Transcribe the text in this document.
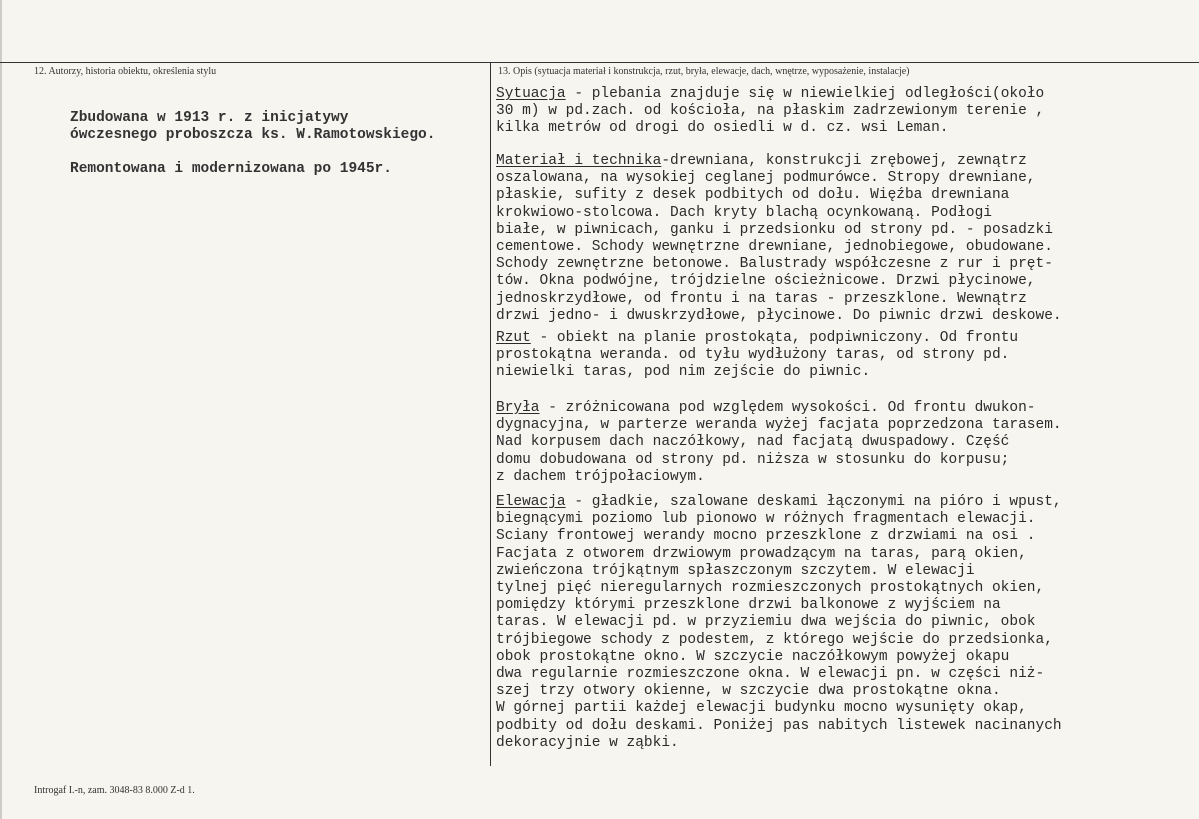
12. Autorzy, historia obiektu, określenia stylu	13. Opis (sytuacja materiał i konstrukcja, rzut, bryła, elewacje, dach, wnętrze, wyposażenie, instalacje)
Zbudowana w 1913 r. z inicjatywy
ówczesnego proboszcza ks. W.Ramotowskiego.
Remontowana i modernizowana po 1945r.
Sytuacja - plebania znajduje się w niewielkiej odległości(około
30 m) w pd.zach. od kościoła, na płaskim zadrzewionym terenie ,
kilka metrów od drogi do osiedli w d. cz. wsi Leman.
Materiał i technika-drewniana, konstrukcji zrębowej, zewnątrz
oszalowana, na wysokiej ceglanej podmurówce. Stropy drewniane,
płaskie, sufity z desek podbitych od dołu. Więźba drewniana
krokwiowo-stolcowa. Dach kryty blachą ocynkowaną. Podłogi
białe, w piwnicach, ganku i przedsionku od strony pd. - posadzki
cementowe. Schody wewnętrzne drewniane, jednobiegowe, obudowane.
Schody zewnętrzne betonowe. Balustrady współczesne z rur i pręt-
tów. Okna podwójne, trójdzielne ościeżnicowe. Drzwi płycinowe,
jednoskrzydłowe, od frontu i na taras - przeszklone. Wewnątrz
drzwi jedno- i dwuskrzydłowe, płycinowe. Do piwnic drzwi deskowe.
Rzut - obiekt na planie prostokąta, podpiwniczony. Od frontu
prostokątna weranda. od tyłu wydłużony taras, od strony pd.
niewielki taras, pod nim zejście do piwnic.
Bryła - zróżnicowana pod względem wysokości. Od frontu dwukon-
dygnacyjna, w parterze weranda wyżej facjata poprzedzona tarasem.
Nad korpusem dach naczółkowy, nad facjatą dwuspadowy. Część
domu dobudowana od strony pd. niższa w stosunku do korpusu;
z dachem trójpołaciowym.
Elewacja - gładkie, szalowane deskami łączonymi na pióro i wpust,
biegnącymi poziomo lub pionowo w różnych fragmentach elewacji.
Sciany frontowej werandy mocno przeszklone z drzwiami na osi .
Facjata z otworem drzwiowym prowadzącym na taras, parą okien,
zwieńczona trójkątnym spłaszczonym szczytem. W elewacji
tylnej pięć nieregularnych rozmieszczonych prostokątnych okien,
pomiędzy którymi przeszklone drzwi balkonowe z wyjściem na
taras. W elewacji pd. w przyziemiu dwa wejścia do piwnic, obok
trójbiegowe schody z podestem, z którego wejście do przedsionka,
obok prostokątne okno. W szczycie naczółkowym powyżej okapu
dwa regularnie rozmieszczone okna. W elewacji pn. w części niż-
szej trzy otwory okienne, w szczycie dwa prostokątne okna.
W górnej partii każdej elewacji budynku mocno wysunięty okap,
podbity od dołu deskami. Poniżej pas nabitych listewek nacinanych
dekoracyjnie w ząbki.
Introgaf I.-n, zam. 3048-83 8.000 Z-d 1.
